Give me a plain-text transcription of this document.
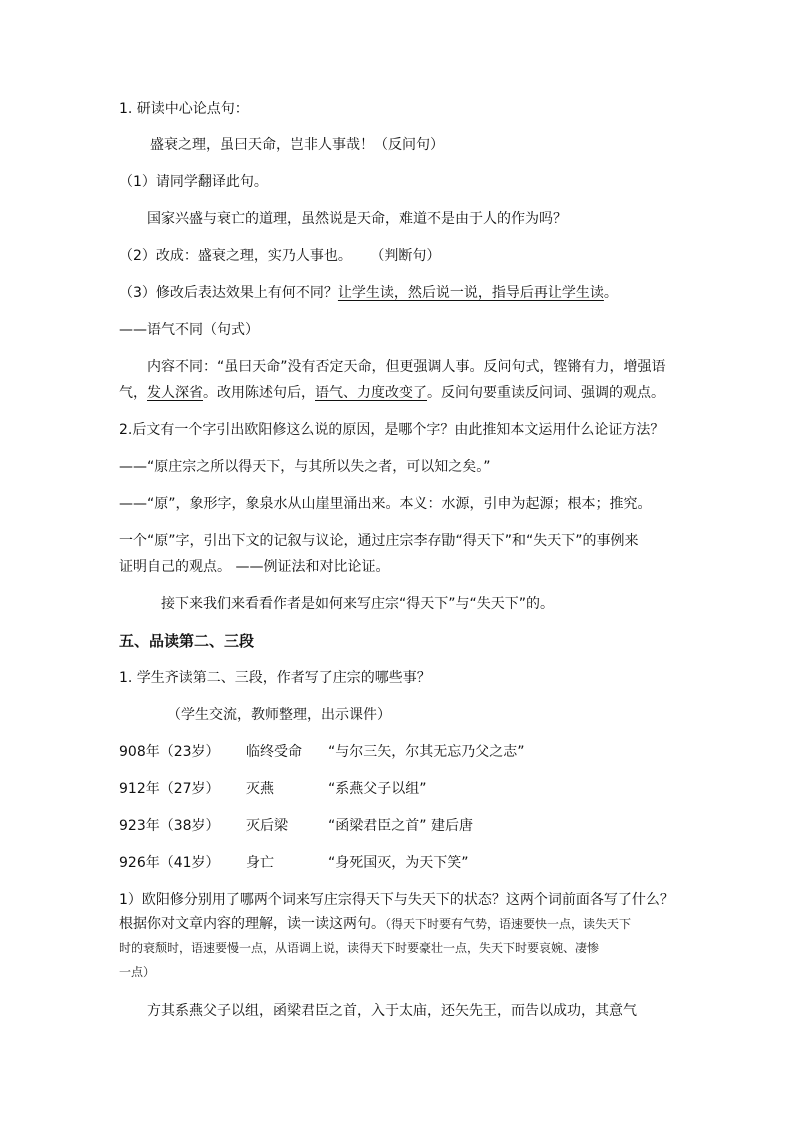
1. 研读中心论点句：
盛衰之理，虽曰天命，岂非人事哉！（反问句）
（1）请同学翻译此句。
国家兴盛与衰亡的道理，虽然说是天命，难道不是由于人的作为吗？
（2）改成：盛衰之理，实乃人事也。 （判断句）
（3）修改后表达效果上有何不同？让学生读，然后说一说，指导后再让学生读。
——语气不同（句式）
内容不同：“虽曰天命”没有否定天命，但更强调人事。反问句式，铿锵有力，增强语
气，发人深省。改用陈述句后，语气、力度改变了。反问句要重读反问词、强调的观点。
2.后文有一个字引出欧阳修这么说的原因，是哪个字？由此推知本文运用什么论证方法？
——“原庄宗之所以得天下，与其所以失之者，可以知之矣。”
——“原”，象形字，象泉水从山崖里涌出来。本义：水源，引申为起源；根本；推究。
一个“原”字，引出下文的记叙与议论，通过庄宗李存勖“得天下”和“失天下”的事例来
证明自己的观点。 ——例证法和对比论证。
接下来我们来看看作者是如何来写庄宗“得天下”与“失天下”的。
五、品读第二、三段
1. 学生齐读第二、三段，作者写了庄宗的哪些事？
（学生交流，教师整理，出示课件）
908年（23岁） 临终受命 “与尔三矢，尔其无忘乃父之志”
912年（27岁） 灭燕	“系燕父子以组”
923年（38岁） 灭后梁	“函梁君臣之首” 建后唐
926年（41岁） 身亡	“身死国灭，为天下笑”
1）欧阳修分别用了哪两个词来写庄宗得天下与失天下的状态？这两个词前面各写了什么？
根据你对文章内容的理解，读一读这两句。（得天下时要有气势，语速要快一点，读失天下
时的衰颓时，语速要慢一点，从语调上说，读得天下时要豪壮一点，失天下时要哀婉、凄惨
一点）
方其系燕父子以组，函梁君臣之首，入于太庙，还矢先王，而告以成功，其意气
